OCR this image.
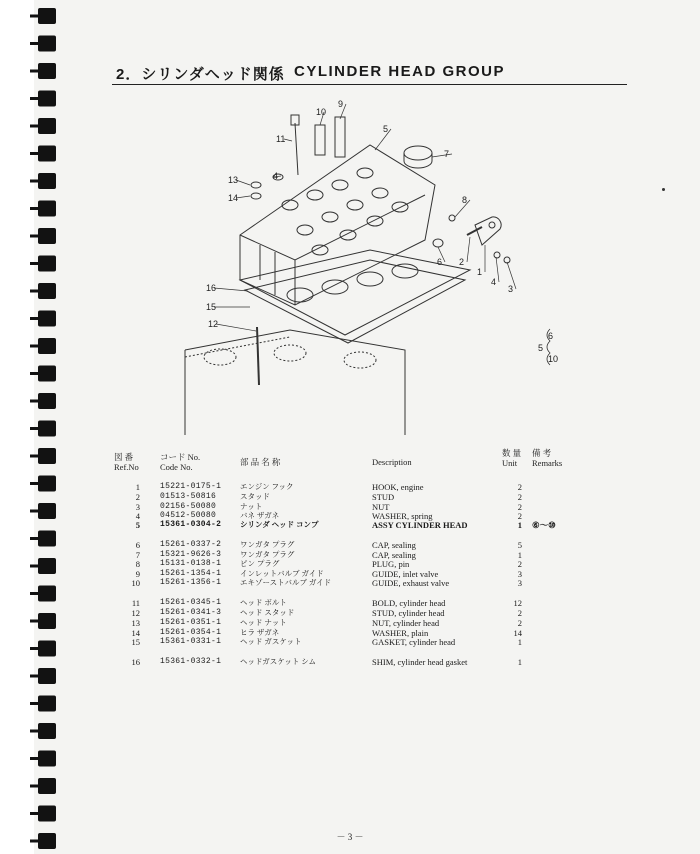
2．シリンダヘッド関係 CYLINDER HEAD GROUP
9
10
11
5
7
4
13
14	8
6 2
1
4
3
16
15
12
6
5
10
図 番
Ref.No
コード No.
Code No.	部 品 名 称	Description
数 量
Unit
備 考
Remarks
1	15221-0175-1	エンジン フック	HOOK, engine	2
2	01513-50816	スタッド	STUD	2
3	02156-50080	ナット	NUT	2
4	04512-50080	バネ ザガネ	WASHER, spring	2
5	15361-0304-2	シリンダ ヘッド コンプ	ASSY CYLINDER HEAD	1 ⑥～⑩
6	15261-0337-2	ワンガタ プラグ	CAP, sealing	5
7	15321-9626-3	ワンガタ プラグ	CAP, sealing	1
8	15131-0138-1	ピン プラグ	PLUG, pin	2
9	15261-1354-1	インレットバルブ ガイド	GUIDE, inlet valve	3
10	15261-1356-1	エキゾーストバルブ ガイド	GUIDE, exhaust valve	3
11	15261-0345-1	ヘッド ボルト	BOLD, cylinder head	12
12	15261-0341-3	ヘッド スタッド	STUD, cylinder head	2
13	15261-0351-1	ヘッド ナット	NUT, cylinder head	2
14	15261-0354-1	ヒラ ザガネ	WASHER, plain	14
15	15361-0331-1	ヘッド ガスケット	GASKET, cylinder head	1
16	15361-0332-1	ヘッドガスケット シム	SHIM, cylinder head gasket	1
－ 3 －
